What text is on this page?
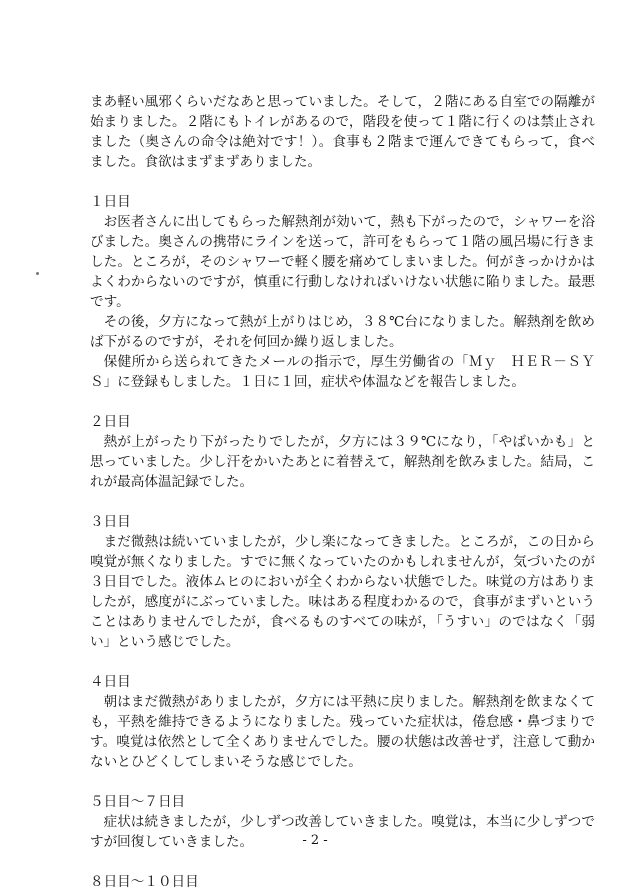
まあ軽い風邪くらいだなあと思っていました。そして，２階にある自室での隔離が始まりました。２階にもトイレがあるので，階段を使って１階に行くのは禁止されました（奥さんの命令は絶対です！）。食事も２階まで運んできてもらって，食べました。食欲はまずまずありました。

１日目

お医者さんに出してもらった解熱剤が効いて，熱も下がったので，シャワーを浴びました。奥さんの携帯にラインを送って，許可をもらって１階の風呂場に行きました。ところが，そのシャワーで軽く腰を痛めてしまいました。何がきっかけかはよくわからないのですが，慎重に行動しなければいけない状態に陥りました。最悪です。

その後，夕方になって熱が上がりはじめ，３８℃台になりました。解熱剤を飲めば下がるのですが，それを何回か繰り返しました。

保健所から送られてきたメールの指示で，厚生労働省の「Ｍｙ　ＨＥＲ－ＳＹＳ」に登録もしました。１日に１回，症状や体温などを報告しました。

２日目

熱が上がったり下がったりでしたが，夕方には３９℃になり，「やばいかも」と思っていました。少し汗をかいたあとに着替えて，解熱剤を飲みました。結局，これが最高体温記録でした。

３日目

まだ微熱は続いていましたが，少し楽になってきました。ところが，この日から嗅覚が無くなりました。すでに無くなっていたのかもしれませんが，気づいたのが３日目でした。液体ムヒのにおいが全くわからない状態でした。味覚の方はありましたが，感度がにぶっていました。味はある程度わかるので，食事がまずいということはありませんでしたが，食べるものすべての味が，「うすい」のではなく「弱い」という感じでした。

４日目

朝はまだ微熱がありましたが，夕方には平熱に戻りました。解熱剤を飲まなくても，平熱を維持できるようになりました。残っていた症状は，倦怠感・鼻づまりです。嗅覚は依然として全くありませんでした。腰の状態は改善せず，注意して動かないとひどくしてしまいそうな感じでした。

５日目～７日目

症状は続きましたが，少しずつ改善していきました。嗅覚は，本当に少しずつですが回復していきました。

８日目～１０日目

- 2 -
